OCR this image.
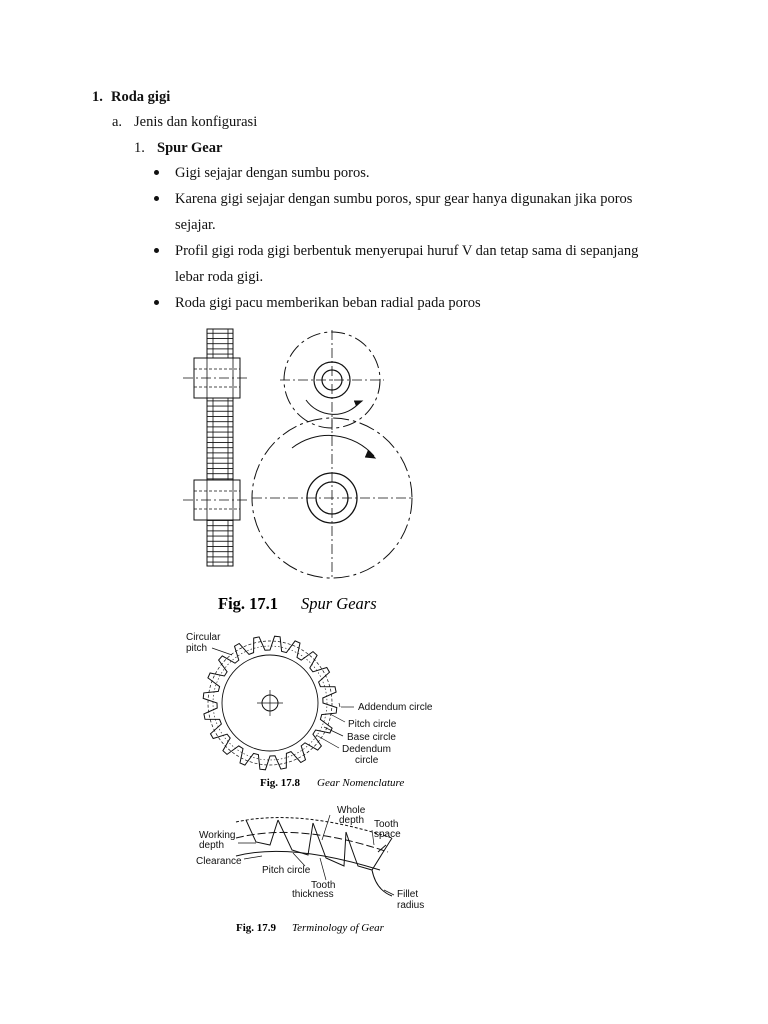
1. Roda gigi
a. Jenis dan konfigurasi
1. Spur Gear
Gigi sejajar dengan sumbu poros.
Karena gigi sejajar dengan sumbu poros, spur gear hanya digunakan jika poros
sejajar.
Profil gigi roda gigi berbentuk menyerupai huruf V dan tetap sama di sepanjang
lebar roda gigi.
Roda gigi pacu memberikan beban radial pada poros
Fig. 17.1 Spur Gears
Circular
pitch
Addendum circle
Pitch circle
Base circle
Dedendum
circle
Fig. 17.8 Gear Nomenclature
Whole
depth Tooth
space
Working
depth
Clearance
Pitch circle
Tooth
thickness	Fillet
radius
Fig. 17.9 Terminology of Gear
